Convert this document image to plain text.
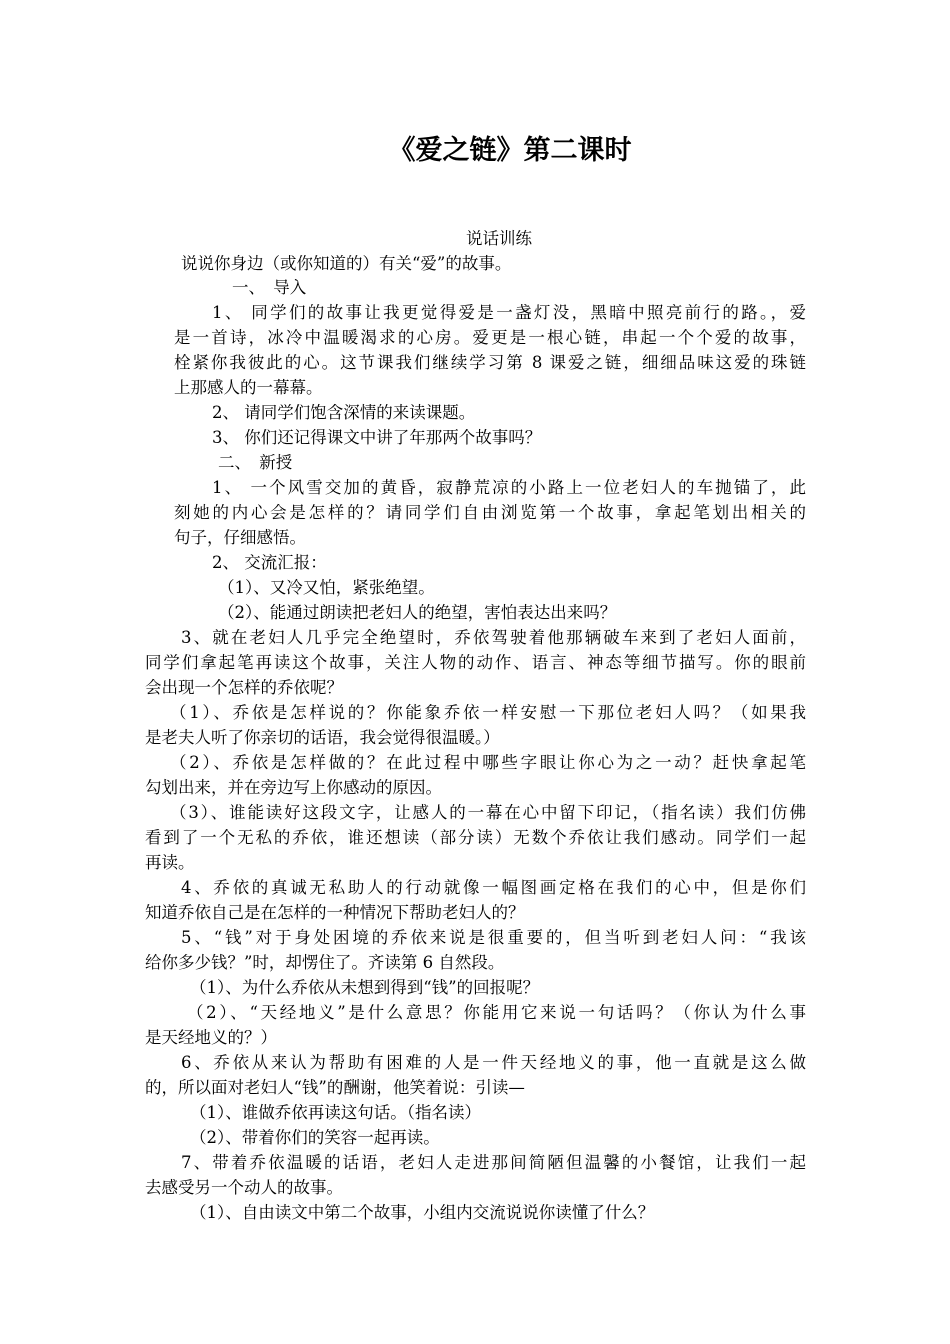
《爱之链》第二课时
说话训练
说说你身边（或你知道的）有关“爱”的故事。
一、　导入
1、 同学们的故事让我更觉得爱是一盏灯没，黑暗中照亮前行的路。，爱
是一首诗，冰冷中温暖渴求的心房。爱更是一根心链，串起一个个爱的故事，
栓紧你我彼此的心。这节课我们继续学习第 8 课爱之链，细细品味这爱的珠链
上那感人的一幕幕。
2、 请同学们饱含深情的来读课题。
3、 你们还记得课文中讲了年那两个故事吗？
二、　新授
1、 一个风雪交加的黄昏，寂静荒凉的小路上一位老妇人的车抛锚了，此
刻她的内心会是怎样的？请同学们自由浏览第一个故事，拿起笔划出相关的
句子，仔细感悟。
2、 交流汇报：
（1）、又冷又怕，紧张绝望。
（2）、能通过朗读把老妇人的绝望，害怕表达出来吗？
3、就在老妇人几乎完全绝望时，乔依驾驶着他那辆破车来到了老妇人面前，
同学们拿起笔再读这个故事，关注人物的动作、语言、神态等细节描写。你的眼前
会出现一个怎样的乔依呢？
（1）、乔依是怎样说的？你能象乔依一样安慰一下那位老妇人吗？（如果我
是老夫人听了你亲切的话语，我会觉得很温暖。）
（2）、乔依是怎样做的？在此过程中哪些字眼让你心为之一动？赶快拿起笔
勾划出来，并在旁边写上你感动的原因。
（3）、谁能读好这段文字，让感人的一幕在心中留下印记，（指名读）我们仿佛
看到了一个无私的乔依，谁还想读（部分读）无数个乔依让我们感动。同学们一起
再读。
4、乔依的真诚无私助人的行动就像一幅图画定格在我们的心中，但是你们
知道乔依自己是在怎样的一种情况下帮助老妇人的？
5、“钱”对于身处困境的乔依来说是很重要的，但当听到老妇人问：“我该
给你多少钱？”时，却愣住了。齐读第 6 自然段。
（1）、为什么乔依从未想到得到“钱”的回报呢？
（2）、“天经地义”是什么意思？你能用它来说一句话吗？（你认为什么事
是天经地义的？）
6、乔依从来认为帮助有困难的人是一件天经地义的事，他一直就是这么做
的，所以面对老妇人“钱”的酬谢，他笑着说：引读—
（1）、谁做乔依再读这句话。（指名读）
（2）、带着你们的笑容一起再读。
7、带着乔依温暖的话语，老妇人走进那间简陋但温馨的小餐馆，让我们一起
去感受另一个动人的故事。
（1）、自由读文中第二个故事，小组内交流说说你读懂了什么？
